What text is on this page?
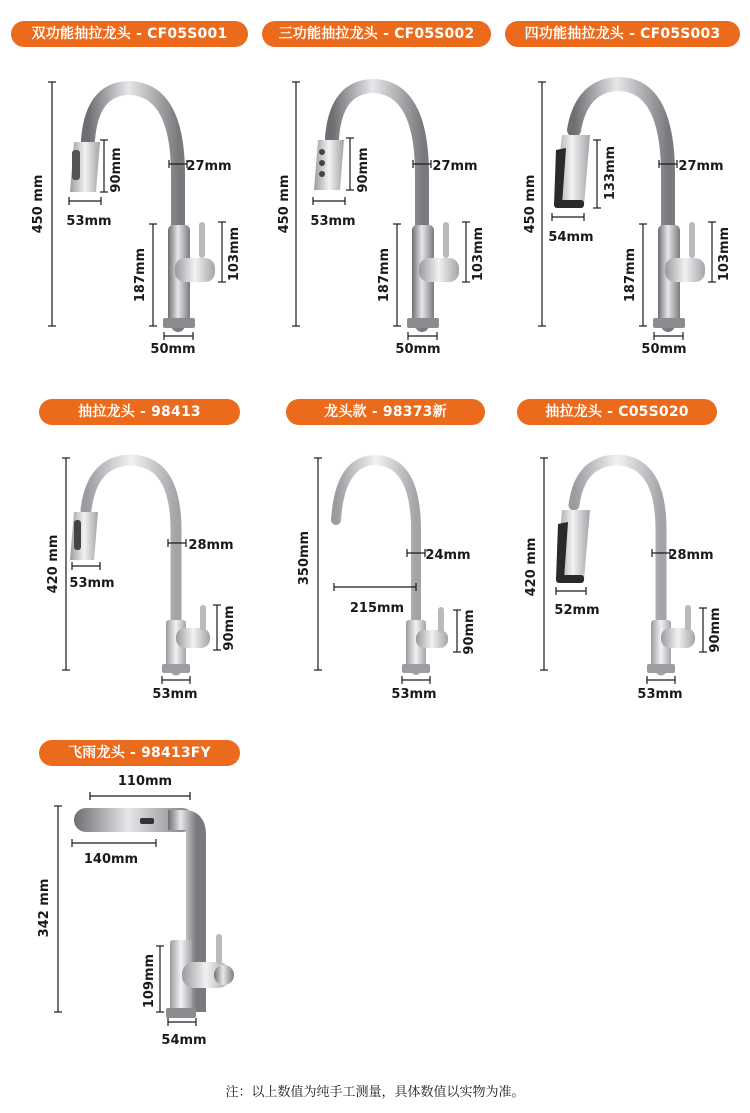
双功能抽拉龙头 - CF05S001	三功能抽拉龙头 - CF05S002	四功能抽拉龙头 - CF05S003
抽拉龙头 - 98413	龙头款 - 98373新	抽拉龙头 - C05S020
飞雨龙头 - 98413FY
450 mm
90mm	27mm
53mm
187mm	103mm
50mm
450 mm
90mm	27mm
53mm
187mm	103mm
50mm
450 mm
133mm	27mm
54mm
187mm	103mm
50mm
420 mm	28mm
53mm
90mm
53mm
350mm	24mm
215mm
90mm
53mm
420 mm	28mm
52mm	90mm
53mm
342 mm
110mm
140mm
109mm
54mm
注：以上数值为纯手工测量，具体数值以实物为准。
